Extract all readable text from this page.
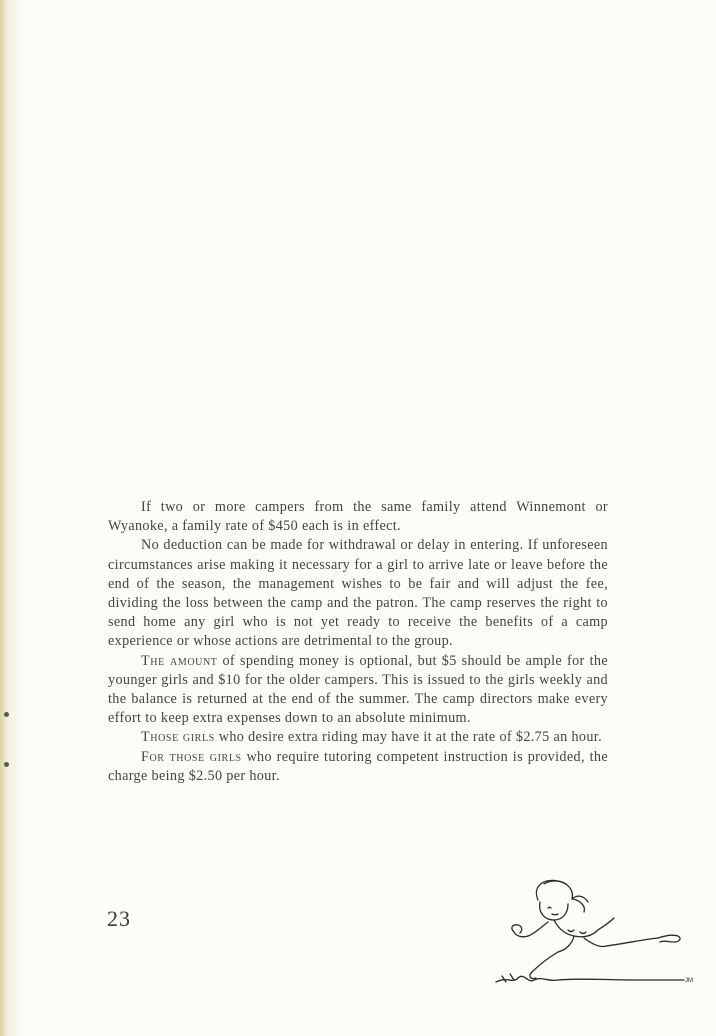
If two or more campers from the same family attend Winnemont or Wyanoke, a family rate of $450 each is in effect.

No deduction can be made for withdrawal or delay in entering. If unforeseen circumstances arise making it necessary for a girl to arrive late or leave before the end of the season, the management wishes to be fair and will adjust the fee, dividing the loss between the camp and the patron. The camp reserves the right to send home any girl who is not yet ready to receive the benefits of a camp experience or whose actions are detrimental to the group.

The amount of spending money is optional, but $5 should be ample for the younger girls and $10 for the older campers. This is issued to the girls weekly and the balance is returned at the end of the summer. The camp directors make every effort to keep extra expenses down to an absolute minimum.

Those girls who desire extra riding may have it at the rate of $2.75 an hour.

For those girls who require tutoring competent instruction is provided, the charge being $2.50 per hour.

23
JM
